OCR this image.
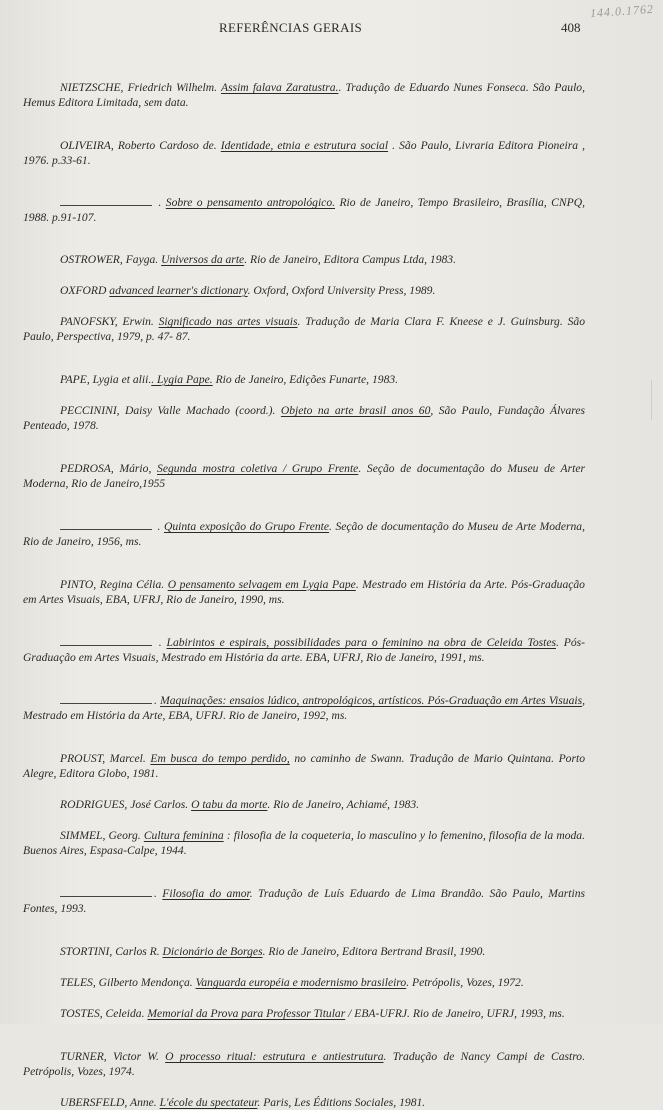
REFERÊNCIAS GERAIS	408
144.0.1762

NIETZSCHE, Friedrich Wilhelm. Assim falava Zaratustra.. Tradução de Eduardo Nunes Fonseca. São Paulo, Hemus Editora Limitada, sem data.

OLIVEIRA, Roberto Cardoso de. Identidade, etnia e estrutura social . São Paulo, Livraria Editora Pioneira , 1976. p.33-61.

. Sobre o pensamento antropológico. Rio de Janeiro, Tempo Brasileiro, Brasília, CNPQ, 1988. p.91-107.

OSTROWER, Fayga. Universos da arte. Rio de Janeiro, Editora Campus Ltda, 1983.

OXFORD advanced learner's dictionary. Oxford, Oxford University Press, 1989.

PANOFSKY, Erwin. Significado nas artes visuais. Tradução de Maria Clara F. Kneese e J. Guinsburg. São Paulo, Perspectiva, 1979, p. 47- 87.

PAPE, Lygia et alii.. Lygia Pape. Rio de Janeiro, Edições Funarte, 1983.

PECCININI, Daisy Valle Machado (coord.). Objeto na arte brasil anos 60, São Paulo, Fundação Álvares Penteado, 1978.

PEDROSA, Mário, Segunda mostra coletiva / Grupo Frente. Seção de documentação do Museu de Arter Moderna, Rio de Janeiro,1955

. Quinta exposição do Grupo Frente. Seção de documentação do Museu de Arte Moderna, Rio de Janeiro, 1956, ms.

PINTO, Regina Célia. O pensamento selvagem em Lygia Pape. Mestrado em História da Arte. Pós-Graduação em Artes Visuais, EBA, UFRJ, Rio de Janeiro, 1990, ms.

. Labirintos e espirais, possibilidades para o feminino na obra de Celeida Tostes. Pós-Graduação em Artes Visuais, Mestrado em História da arte. EBA, UFRJ, Rio de Janeiro, 1991, ms.

. Maquinações: ensaios lúdico, antropológicos, artísticos. Pós-Graduação em Artes Visuais, Mestrado em História da Arte, EBA, UFRJ. Rio de Janeiro, 1992, ms.

PROUST, Marcel. Em busca do tempo perdido, no caminho de Swann. Tradução de Mario Quintana. Porto Alegre, Editora Globo, 1981.

RODRIGUES, José Carlos. O tabu da morte. Rio de Janeiro, Achiamé, 1983.

SIMMEL, Georg. Cultura feminina : filosofia de la coqueteria, lo masculino y lo femenino, filosofia de la moda. Buenos Aires, Espasa-Calpe, 1944.

. Filosofia do amor. Tradução de Luís Eduardo de Lima Brandão. São Paulo, Martins Fontes, 1993.

STORTINI, Carlos R. Dicionário de Borges. Rio de Janeiro, Editora Bertrand Brasil, 1990.

TELES, Gilberto Mendonça. Vanguarda européia e modernismo brasileiro. Petrópolis, Vozes, 1972.

TOSTES, Celeida. Memorial da Prova para Professor Titular / EBA-UFRJ. Rio de Janeiro, UFRJ, 1993, ms.

TURNER, Victor W. O processo ritual: estrutura e antiestrutura. Tradução de Nancy Campi de Castro. Petrópolis, Vozes, 1974.

UBERSFELD, Anne. L'école du spectateur. Paris, Les Éditions Sociales, 1981.
